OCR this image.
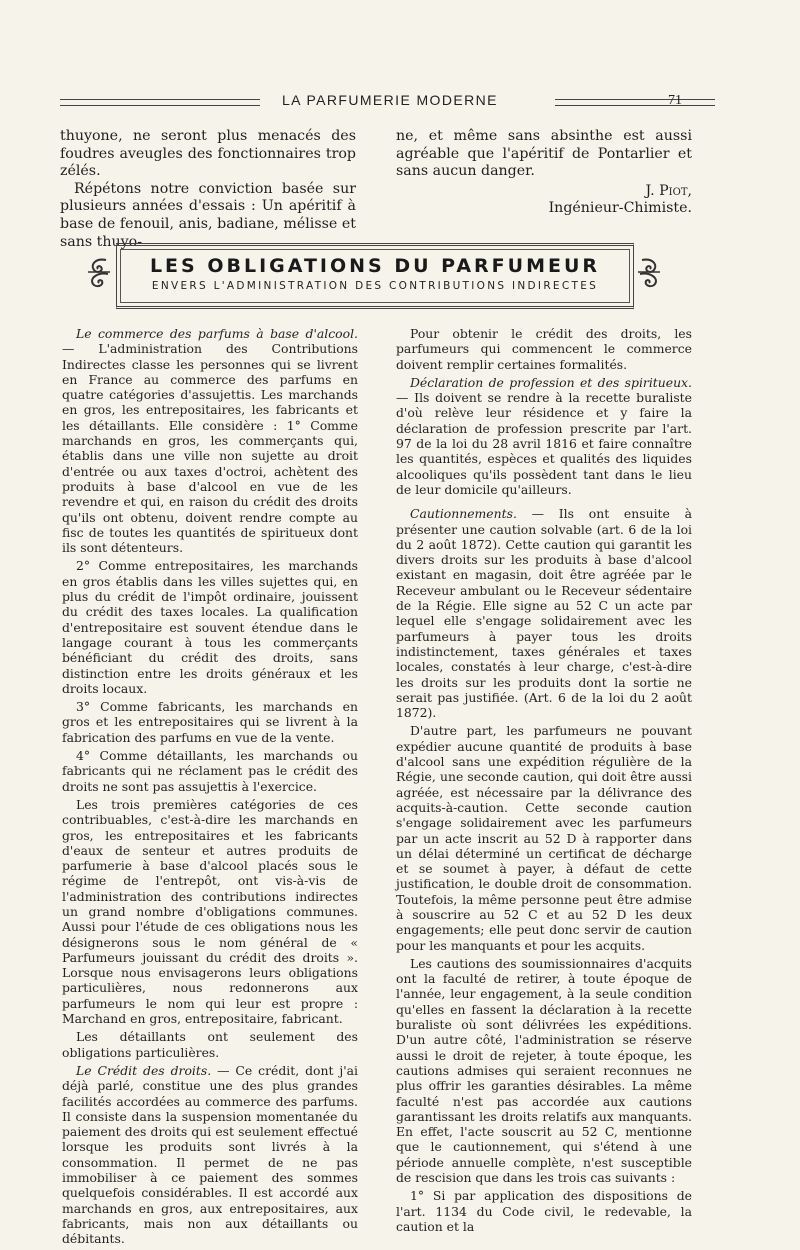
LA PARFUMERIE MODERNE	71

thuyone, ne seront plus menacés des foudres aveugles des fonctionnaires trop zélés.

Répétons notre conviction basée sur plusieurs années d'essais : Un apéritif à base de fenouil, anis, badiane, mélisse et sans thuyo-

ne, et même sans absinthe est aussi agréable que l'apéritif de Pontarlier et sans aucun danger.

J. Piot,

Ingénieur-Chimiste.

LES OBLIGATIONS DU PARFUMEUR
ENVERS L'ADMINISTRATION DES CONTRIBUTIONS INDIRECTES

Le commerce des parfums à base d'alcool. — L'administration des Contributions Indirectes classe les personnes qui se livrent en France au commerce des parfums en quatre catégories d'assujettis. Les marchands en gros, les entrepositaires, les fabricants et les détaillants. Elle considère : 1° Comme marchands en gros, les commerçants qui, établis dans une ville non sujette au droit d'entrée ou aux taxes d'octroi, achètent des produits à base d'alcool en vue de les revendre et qui, en raison du crédit des droits qu'ils ont obtenu, doivent rendre compte au fisc de toutes les quantités de spiritueux dont ils sont détenteurs.

2° Comme entrepositaires, les marchands en gros établis dans les villes sujettes qui, en plus du crédit de l'impôt ordinaire, jouissent du crédit des taxes locales. La qualification d'entrepositaire est souvent étendue dans le langage courant à tous les commerçants bénéficiant du crédit des droits, sans distinction entre les droits généraux et les droits locaux.

3° Comme fabricants, les marchands en gros et les entrepositaires qui se livrent à la fabrication des parfums en vue de la vente.

4° Comme détaillants, les marchands ou fabricants qui ne réclament pas le crédit des droits ne sont pas assujettis à l'exercice.

Les trois premières catégories de ces contribuables, c'est-à-dire les marchands en gros, les entrepositaires et les fabricants d'eaux de senteur et autres produits de parfumerie à base d'alcool placés sous le régime de l'entrepôt, ont vis-à-vis de l'administration des contributions indirectes un grand nombre d'obligations communes. Aussi pour l'étude de ces obligations nous les désignerons sous le nom général de « Parfumeurs jouissant du crédit des droits ». Lorsque nous envisagerons leurs obligations particulières, nous redonnerons aux parfumeurs le nom qui leur est propre : Marchand en gros, entrepositaire, fabricant.

Les détaillants ont seulement des obligations particulières.

Le Crédit des droits. — Ce crédit, dont j'ai déjà parlé, constitue une des plus grandes facilités accordées au commerce des parfums. Il consiste dans la suspension momentanée du paiement des droits qui est seulement effectué lorsque les produits sont livrés à la consommation. Il permet de ne pas immobiliser à ce paiement des sommes quelquefois considérables. Il est accordé aux marchands en gros, aux entrepositaires, aux fabricants, mais non aux détaillants ou débitants.

Pour obtenir le crédit des droits, les parfumeurs qui commencent le commerce doivent remplir certaines formalités.

Déclaration de profession et des spiritueux. — Ils doivent se rendre à la recette buraliste d'où relève leur résidence et y faire la déclaration de profession prescrite par l'art. 97 de la loi du 28 avril 1816 et faire connaître les quantités, espèces et qualités des liquides alcooliques qu'ils possèdent tant dans le lieu de leur domicile qu'ailleurs.

Cautionnements. — Ils ont ensuite à présenter une caution solvable (art. 6 de la loi du 2 août 1872). Cette caution qui garantit les divers droits sur les produits à base d'alcool existant en magasin, doit être agréée par le Receveur ambulant ou le Receveur sédentaire de la Régie. Elle signe au 52 C un acte par lequel elle s'engage solidairement avec les parfumeurs à payer tous les droits indistinctement, taxes générales et taxes locales, constatés à leur charge, c'est-à-dire les droits sur les produits dont la sortie ne serait pas justifiée. (Art. 6 de la loi du 2 août 1872).

D'autre part, les parfumeurs ne pouvant expédier aucune quantité de produits à base d'alcool sans une expédition régulière de la Régie, une seconde caution, qui doit être aussi agréée, est nécessaire par la délivrance des acquits-à-caution. Cette seconde caution s'engage solidairement avec les parfumeurs par un acte inscrit au 52 D à rapporter dans un délai déterminé un certificat de décharge et se soumet à payer, à défaut de cette justification, le double droit de consommation. Toutefois, la même personne peut être admise à souscrire au 52 C et au 52 D les deux engagements; elle peut donc servir de caution pour les manquants et pour les acquits.

Les cautions des soumissionnaires d'acquits ont la faculté de retirer, à toute époque de l'année, leur engagement, à la seule condition qu'elles en fassent la déclaration à la recette buraliste où sont délivrées les expéditions. D'un autre côté, l'administration se réserve aussi le droit de rejeter, à toute époque, les cautions admises qui seraient reconnues ne plus offrir les garanties désirables. La même faculté n'est pas accordée aux cautions garantissant les droits relatifs aux manquants. En effet, l'acte souscrit au 52 C, mentionne que le cautionnement, qui s'étend à une période annuelle complète, n'est susceptible de rescision que dans les trois cas suivants :

1° Si par application des dispositions de l'art. 1134 du Code civil, le redevable, la caution et la
